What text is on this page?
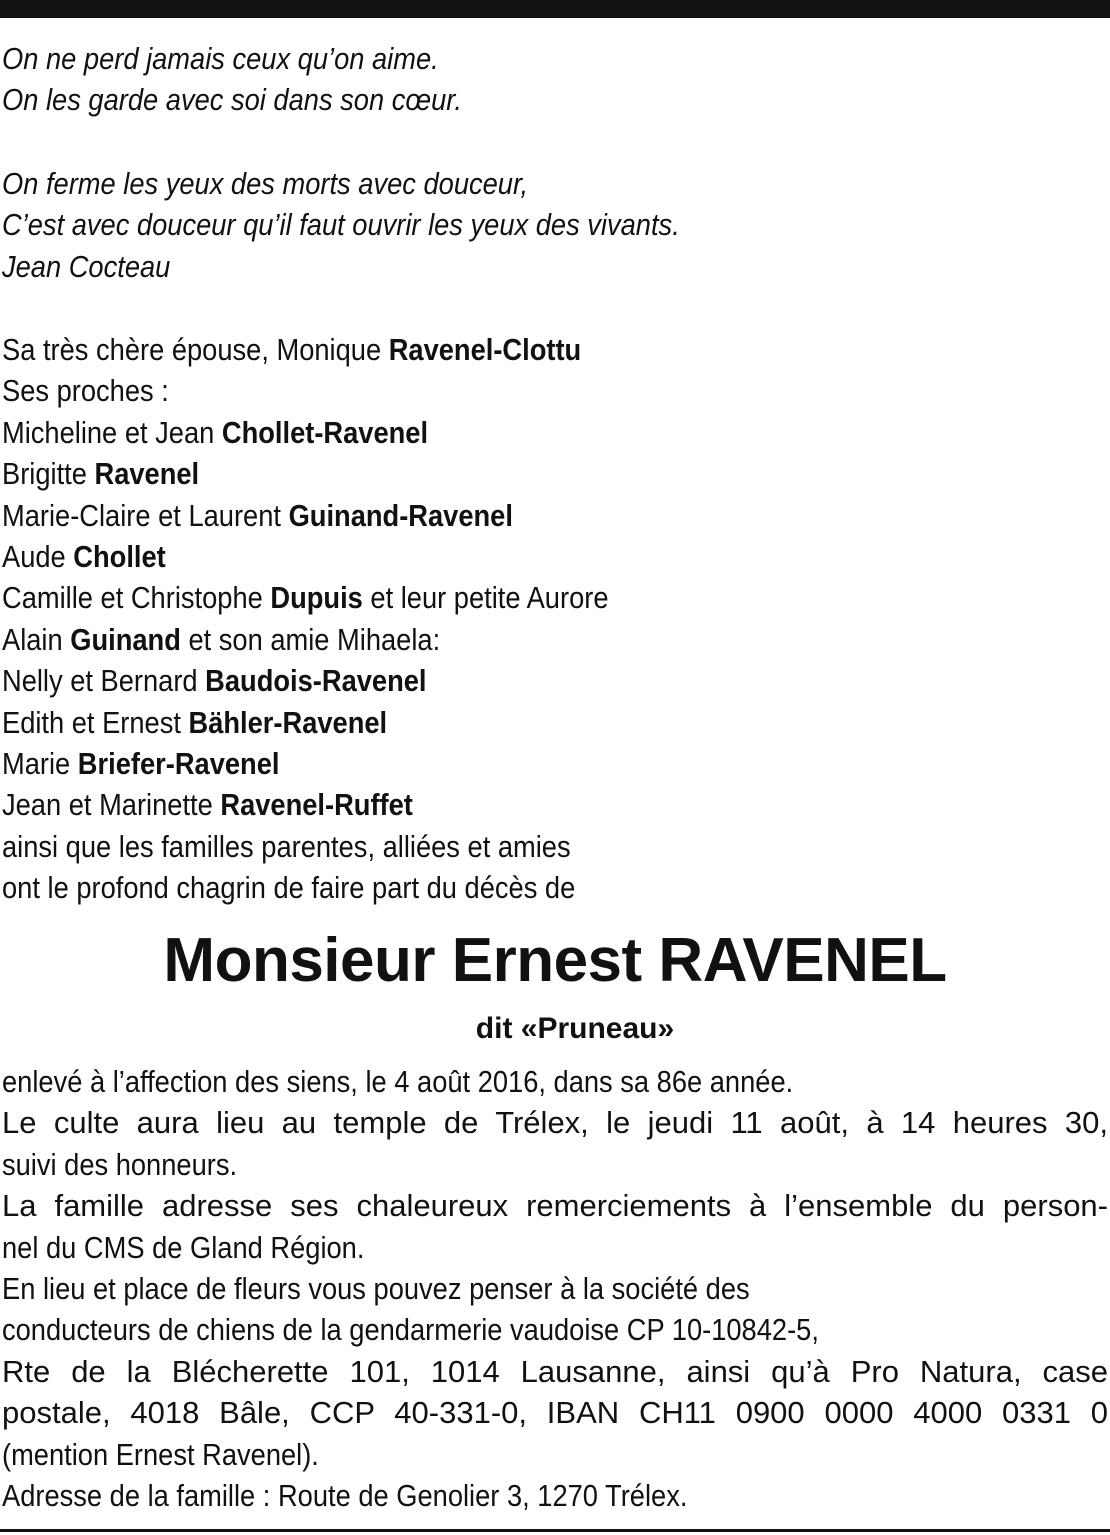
On ne perd jamais ceux qu’on aime.
On les garde avec soi dans son cœur.
On ferme les yeux des morts avec douceur,
C’est avec douceur qu’il faut ouvrir les yeux des vivants.
Jean Cocteau
Sa très chère épouse, Monique Ravenel-Clottu
Ses proches :
Micheline et Jean Chollet-Ravenel
Brigitte Ravenel
Marie-Claire et Laurent Guinand-Ravenel
Aude Chollet
Camille et Christophe Dupuis et leur petite Aurore
Alain Guinand et son amie Mihaela:
Nelly et Bernard Baudois-Ravenel
Edith et Ernest Bähler-Ravenel
Marie Briefer-Ravenel
Jean et Marinette Ravenel-Ruffet
ainsi que les familles parentes, alliées et amies
ont le profond chagrin de faire part du décès de
Monsieur Ernest RAVENEL
dit «Pruneau»
enlevé à l’affection des siens, le 4 août 2016, dans sa 86e année.
Le culte aura lieu au temple de Trélex, le jeudi 11 août, à 14 heures 30,
suivi des honneurs.
La famille adresse ses chaleureux remerciements à l’ensemble du person-
nel du CMS de Gland Région.
En lieu et place de fleurs vous pouvez penser à la société des
conducteurs de chiens de la gendarmerie vaudoise CP 10-10842-5,
Rte de la Blécherette 101, 1014 Lausanne, ainsi qu’à Pro Natura, case
postale, 4018 Bâle, CCP 40-331-0, IBAN CH11 0900 0000 4000 0331 0
(mention Ernest Ravenel).
Adresse de la famille : Route de Genolier 3, 1270 Trélex.
